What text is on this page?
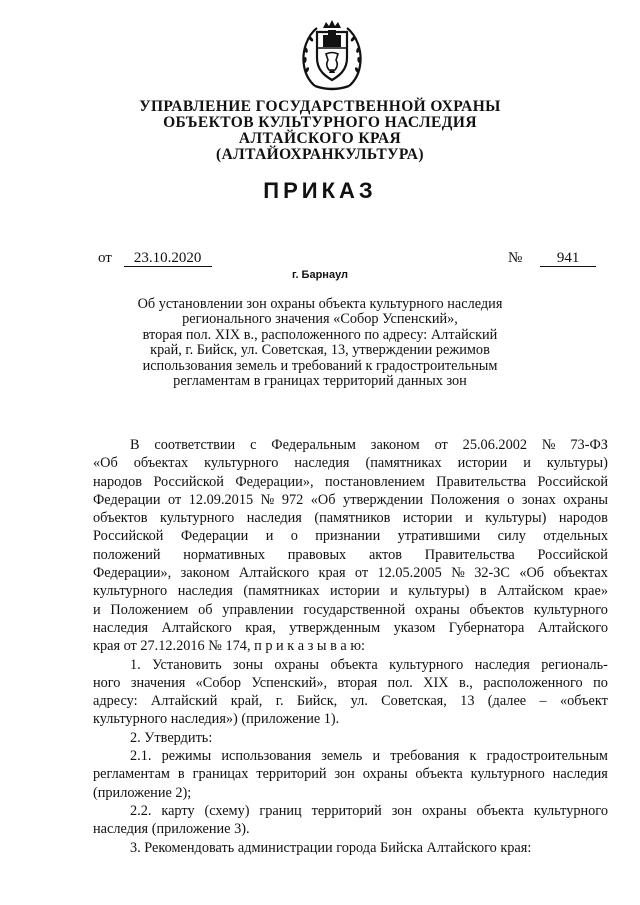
УПРАВЛЕНИЕ ГОСУДАРСТВЕННОЙ ОХРАНЫ
ОБЪЕКТОВ КУЛЬТУРНОГО НАСЛЕДИЯ
АЛТАЙСКОГО КРАЯ
(АЛТАЙОХРАНКУЛЬТУРА)
ПРИКАЗ
от 23.10.2020	№ 941
г. Барнаул
Об установлении зон охраны объекта культурного наследия
регионального значения «Собор Успенский»,
вторая пол. XIX в., расположенного по адресу: Алтайский
край, г. Бийск, ул. Советская, 13, утверждении режимов
использования земель и требований к градостроительным
регламентам в границах территорий данных зон
В соответствии с Федеральным законом от 25.06.2002 № 73-ФЗ
«Об объектах культурного наследия (памятниках истории и культуры)
народов Российской Федерации», постановлением Правительства Российской
Федерации от 12.09.2015 № 972 «Об утверждении Положения о зонах охраны
объектов культурного наследия (памятников истории и культуры) народов
Российской Федерации и о признании утратившими силу отдельных
положений нормативных правовых актов Правительства Российской
Федерации», законом Алтайского края от 12.05.2005 № 32-ЗС «Об объектах
культурного наследия (памятниках истории и культуры) в Алтайском крае»
и Положением об управлении государственной охраны объектов культурного
наследия Алтайского края, утвержденным указом Губернатора Алтайского
края от 27.12.2016 № 174, п р и к а з ы в а ю:
1. Установить зоны охраны объекта культурного наследия региональ-
ного значения «Собор Успенский», вторая пол. XIX в., расположенного по
адресу: Алтайский край, г. Бийск, ул. Советская, 13 (далее – «объект
культурного наследия») (приложение 1).
2. Утвердить:
2.1. режимы использования земель и требования к градостроительным
регламентам в границах территорий зон охраны объекта культурного наследия
(приложение 2);
2.2. карту (схему) границ территорий зон охраны объекта культурного
наследия (приложение 3).
3. Рекомендовать администрации города Бийска Алтайского края:
